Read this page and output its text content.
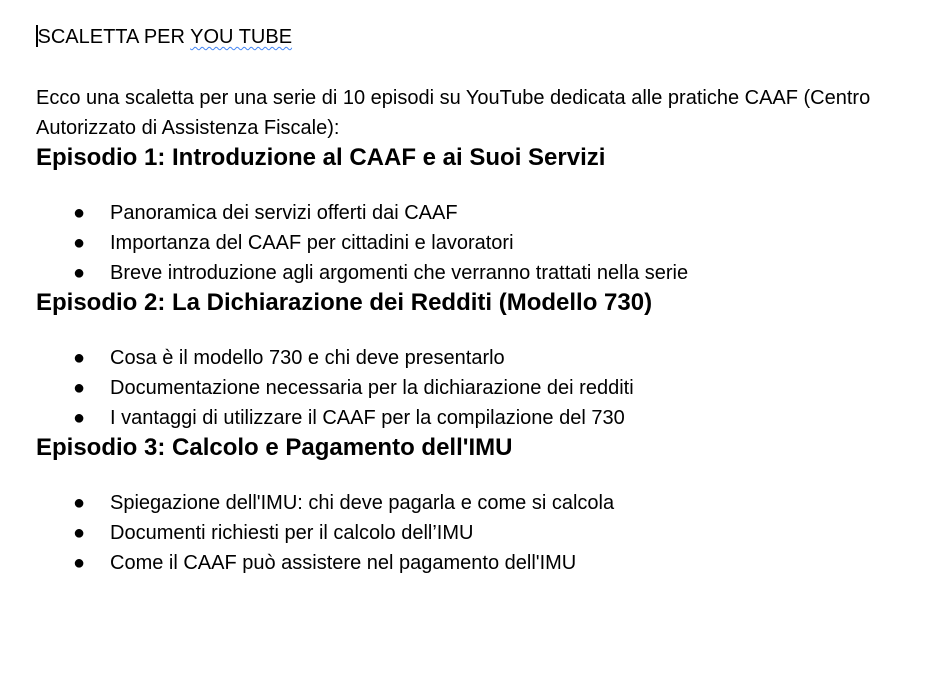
SCALETTA PER YOU TUBE

Ecco una scaletta per una serie di 10 episodi su YouTube dedicata alle pratiche CAAF (Centro Autorizzato di Assistenza Fiscale):

Episodio 1: Introduzione al CAAF e ai Suoi Servizi
● Panoramica dei servizi offerti dai CAAF
● Importanza del CAAF per cittadini e lavoratori
● Breve introduzione agli argomenti che verranno trattati nella serie
Episodio 2: La Dichiarazione dei Redditi (Modello 730)
● Cosa è il modello 730 e chi deve presentarlo
● Documentazione necessaria per la dichiarazione dei redditi
● I vantaggi di utilizzare il CAAF per la compilazione del 730
Episodio 3: Calcolo e Pagamento dell'IMU
● Spiegazione dell'IMU: chi deve pagarla e come si calcola
● Documenti richiesti per il calcolo dell’IMU
● Come il CAAF può assistere nel pagamento dell'IMU
